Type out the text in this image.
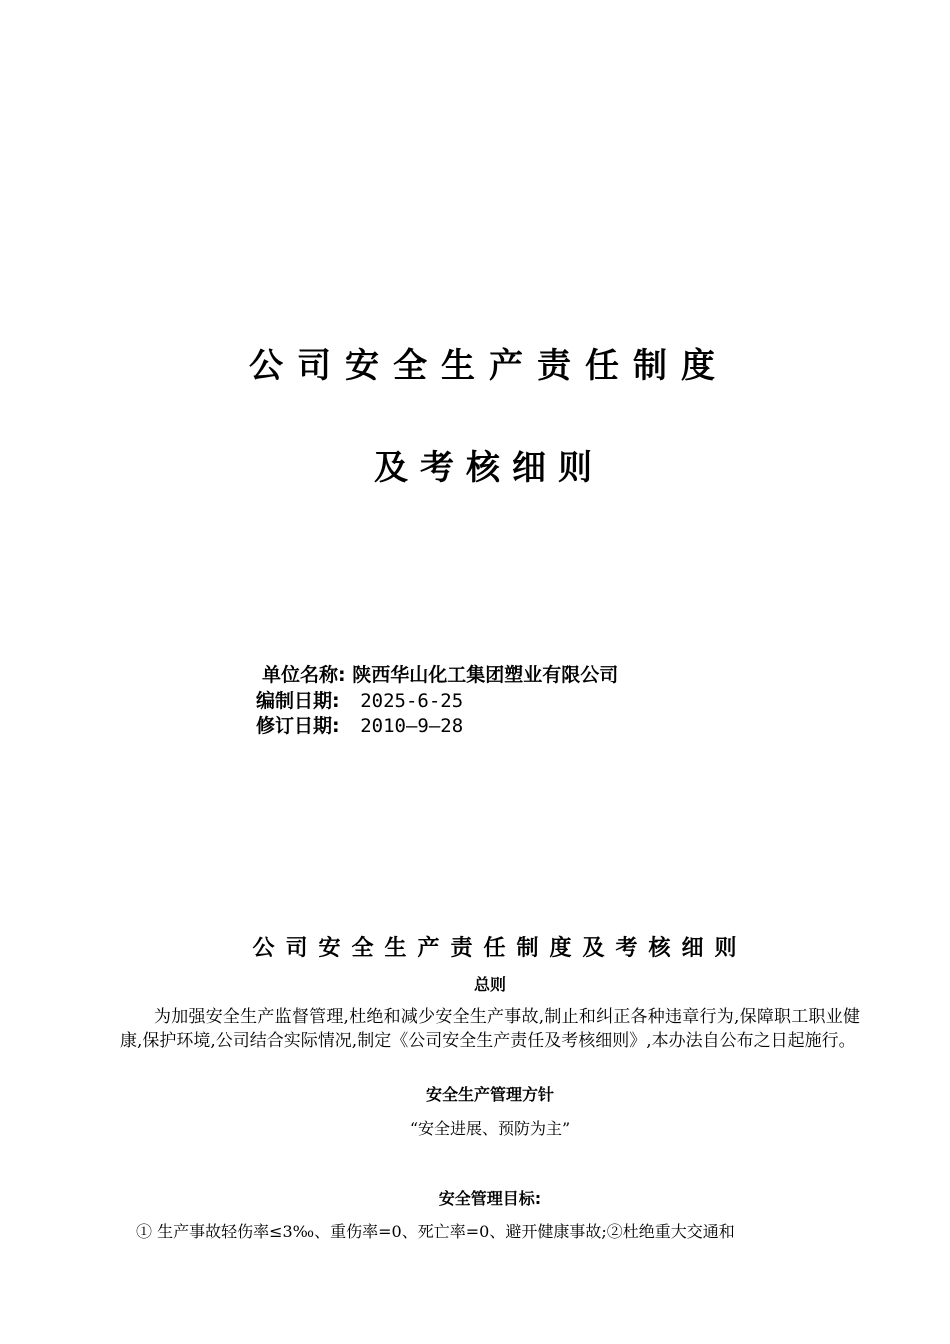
公司安全生产责任制度
及考核细则
单位名称: 陕西华山化工集团塑业有限公司
编制日期: 2025-6-25
修订日期: 2010—9—28
公司安全生产责任制度及考核细则
总则
为加强安全生产监督管理,杜绝和减少安全生产事故,制止和纠正各种违章行为,保障职工职业健康,保护环境,公司结合实际情况,制定《公司安全生产责任及考核细则》,本办法自公布之日起施行。
安全生产管理方针
“安全进展、预防为主”
安全管理目标:
① 生产事故轻伤率≤3‰、重伤率=0、死亡率=0、避开健康事故;②杜绝重大交通和
